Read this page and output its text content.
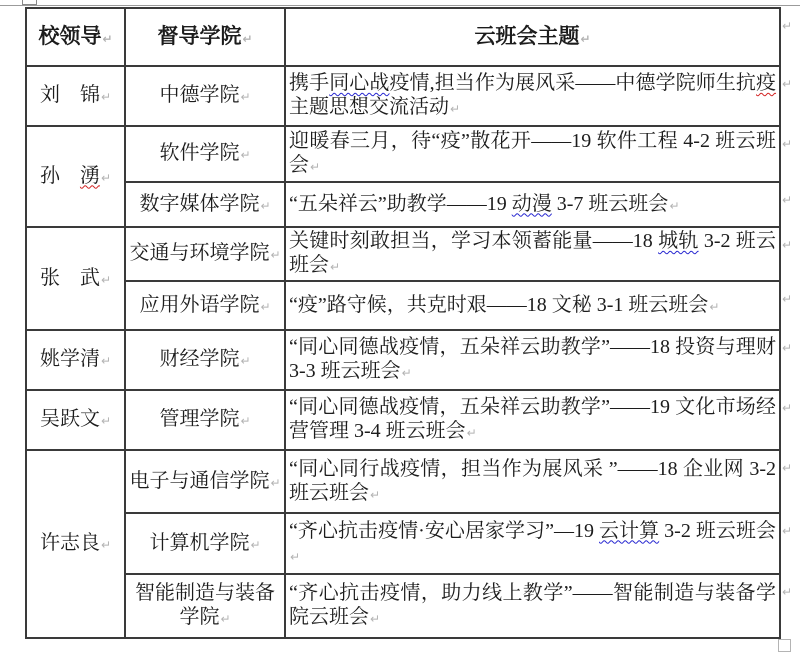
校领导↵	督导学院↵	云班会主题↵
刘　锦↵	中德学院↵	携手同心战疫情,担当作为展风采——中德学院师生抗疫主题思想交流活动↵
孙　湧↵	软件学院↵	迎暖春三月，待“疫”散花开——19 软件工程 4-2 班云班会↵
	数字媒体学院↵	“五朵祥云”助教学——19 动漫 3-7 班云班会↵
张　武↵	交通与环境学院↵	关键时刻敢担当，学习本领蓄能量——18 城轨 3-2 班云班会↵
	应用外语学院↵	“疫”路守候，共克时艰——18 文秘 3-1 班云班会↵
姚学清↵	财经学院↵	“同心同德战疫情，五朵祥云助教学”——18 投资与理财 3-3 班云班会↵
吴跃文↵	管理学院↵	“同心同德战疫情，五朵祥云助教学”——19 文化市场经营管理 3-4 班云班会↵
许志良↵	电子与通信学院↵	“同心同行战疫情，担当作为展风采 ”——18 企业网 3-2 班云班会↵
	计算机学院↵	“齐心抗击疫情·安心居家学习”—19 云计算 3-2 班云班会↵
	智能制造与装备学院↵	“齐心抗击疫情，助力线上教学”——智能制造与装备学院云班会↵
↵
↵
↵
↵
↵
↵
↵
↵
↵
↵
↵
